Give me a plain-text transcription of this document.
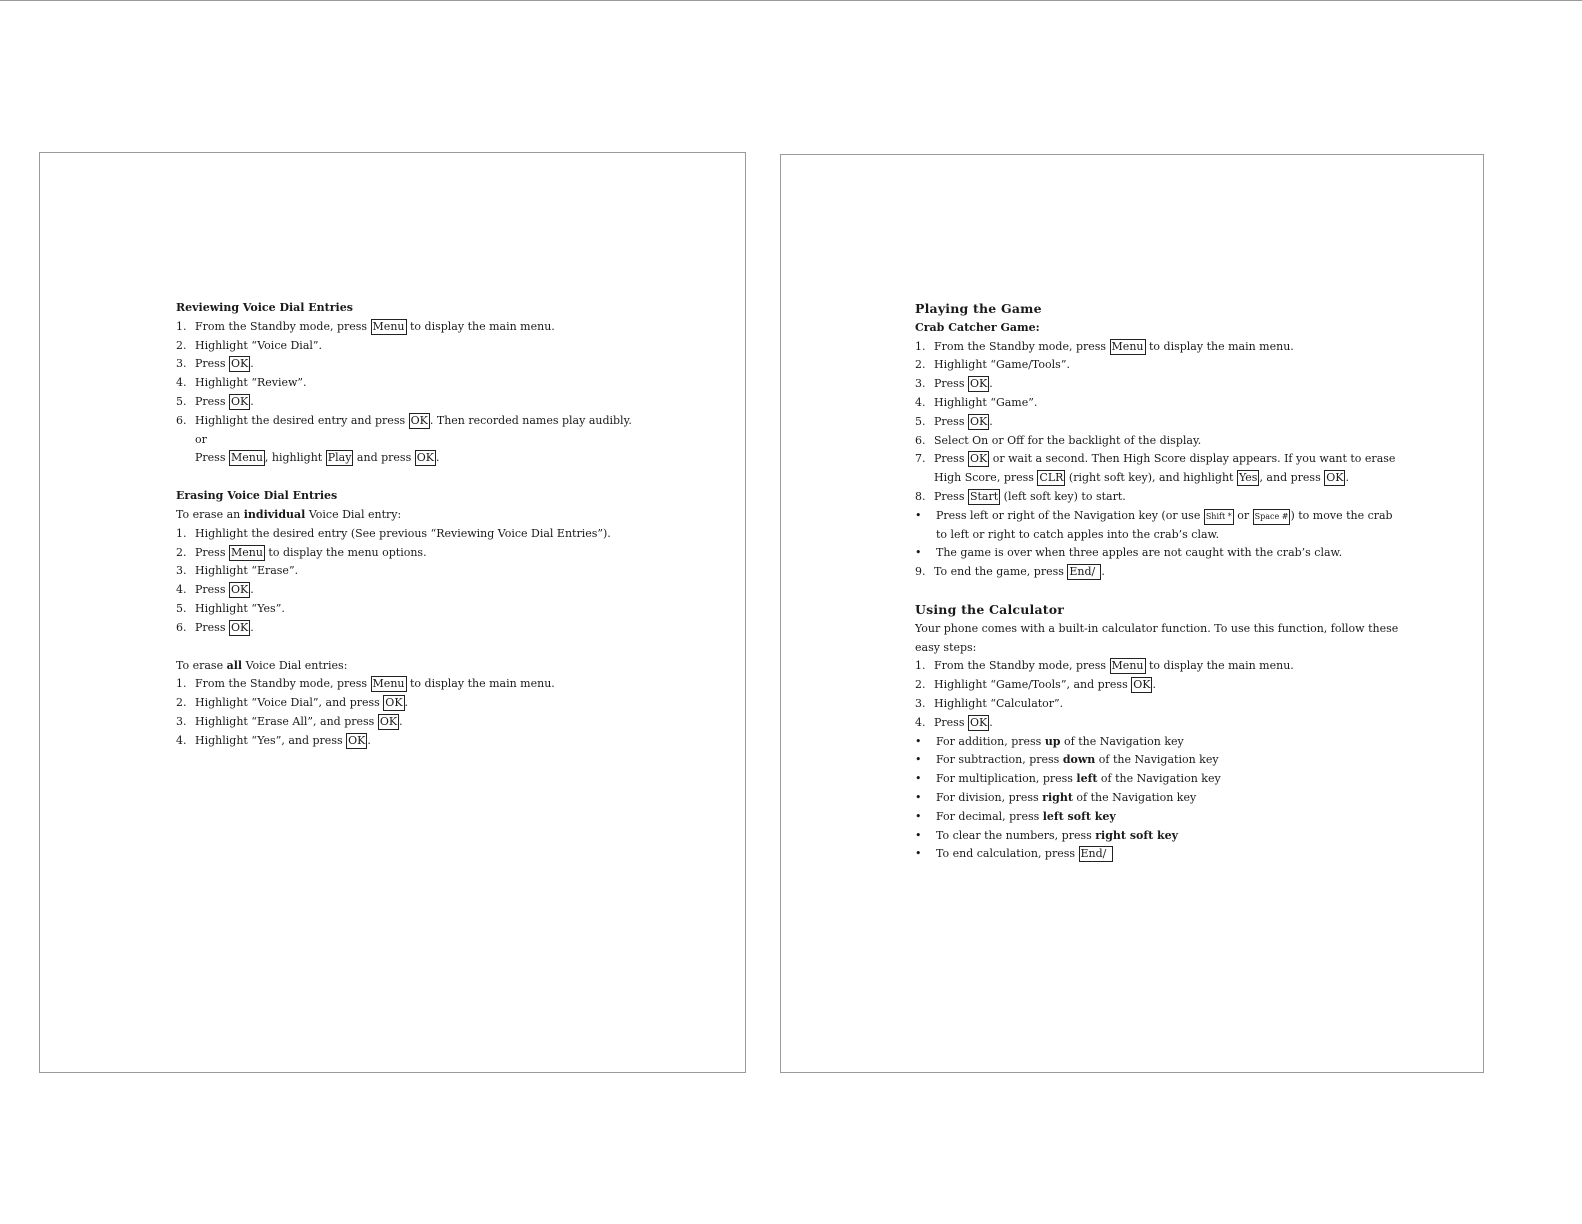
Reviewing Voice Dial Entries
1. From the Standby mode, press Menu to display the main menu.
2. Highlight “Voice Dial”.
3. Press OK .
4. Highlight “Review”.
5. Press OK .
6. Highlight the desired entry and press OK . Then recorded names play audibly.
or
Press Menu , highlight Play and press OK .
Erasing Voice Dial Entries
To erase an individual Voice Dial entry:
1. Highlight the desired entry (See previous “Reviewing Voice Dial Entries”).
2. Press Menu to display the menu options.
3. Highlight “Erase”.
4. Press OK .
5. Highlight “Yes”.
6. Press OK .
To erase all Voice Dial entries:
1. From the Standby mode, press Menu to display the main menu.
2. Highlight “Voice Dial”, and press OK .
3. Highlight “Erase All”, and press OK .
4. Highlight “Yes”, and press OK .
Playing the Game
Crab Catcher Game:
1. From the Standby mode, press Menu to display the main menu.
2. Highlight “Game/Tools”.
3. Press OK .
4. Highlight “Game”.
5. Press OK .
6. Select On or Off for the backlight of the display.
7. Press OK or wait a second. Then High Score display appears. If you want to erase
High Score, press CLR (right soft key), and highlight Yes , and press OK .
8. Press Start (left soft key) to start.
•	Press left or right of the Navigation key (or use Shift * or Space # ) to move the crab
to left or right to catch apples into the crab’s claw.
•	The game is over when three apples are not caught with the crab’s claw.
9. To end the game, press End/ .
Using the Calculator
Your phone comes with a built-in calculator function. To use this function, follow these
easy steps:
1. From the Standby mode, press Menu to display the main menu.
2. Highlight “Game/Tools”, and press OK .
3. Highlight “Calculator”.
4. Press OK .
•	For addition, press up of the Navigation key
•	For subtraction, press down of the Navigation key
•	For multiplication, press left of the Navigation key
•	For division, press right of the Navigation key
•	For decimal, press left soft key
•	To clear the numbers, press right soft key
•	To end calculation, press End/
